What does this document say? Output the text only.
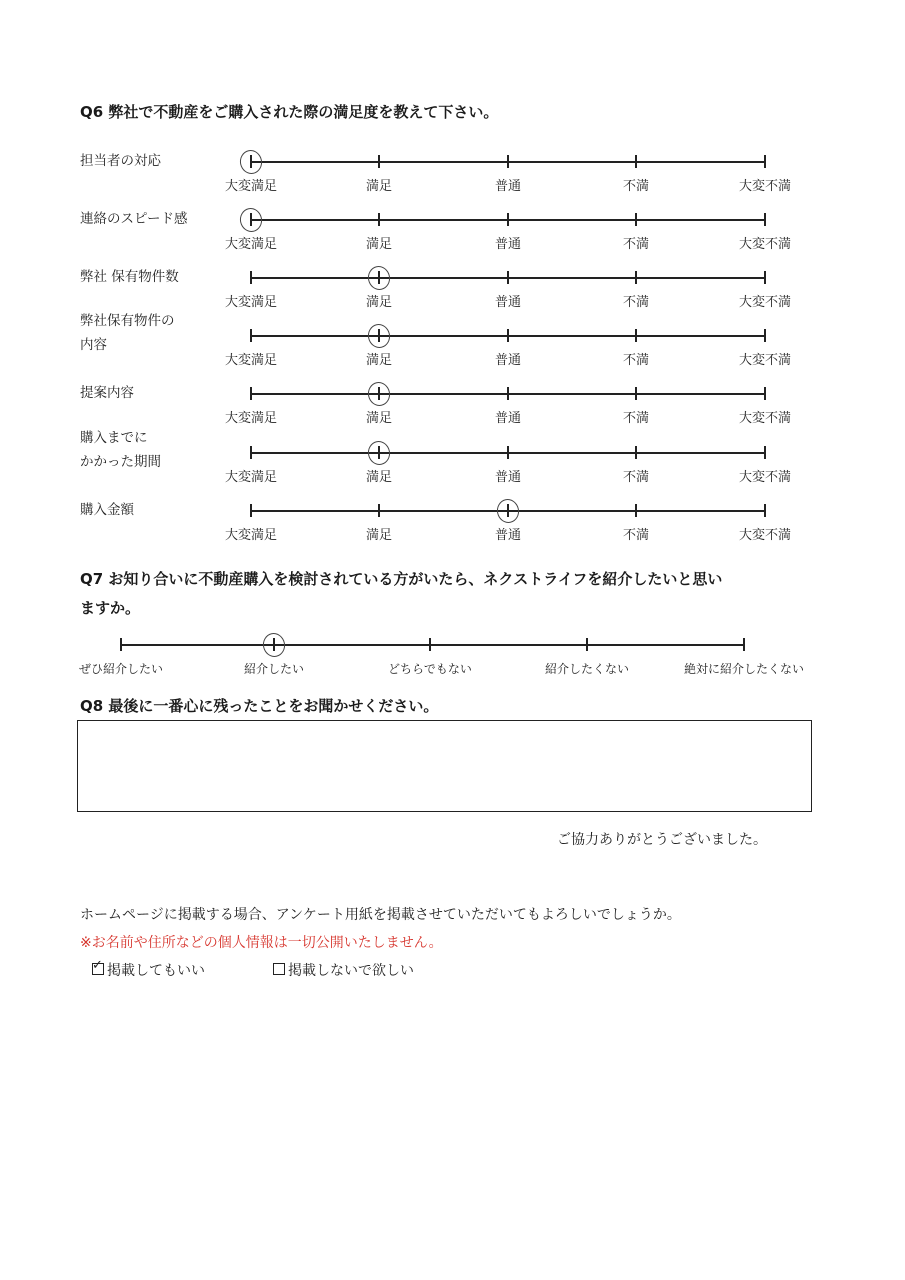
Q6 弊社で不動産をご購入された際の満足度を教えて下さい。
担当者の対応
大変満足	満足	普通	不満	大変不満
連絡のスピード感
大変満足	満足	普通	不満	大変不満
弊社 保有物件数
大変満足	満足	普通	不満	大変不満
弊社保有物件の
内容
大変満足	満足	普通	不満	大変不満
提案内容
大変満足	満足	普通	不満	大変不満
購入までに
かかった期間
大変満足	満足	普通	不満	大変不満
購入金額
大変満足	満足	普通	不満	大変不満
Q7 お知り合いに不動産購入を検討されている方がいたら、ネクストライフを紹介したいと思い
ますか。
ぜひ紹介したい	紹介したい	どちらでもない	紹介したくない	絶対に紹介したくない
Q8 最後に一番心に残ったことをお聞かせください。
ご協力ありがとうございました。
ホームページに掲載する場合、アンケート用紙を掲載させていただいてもよろしいでしょうか。
※お名前や住所などの個人情報は一切公開いたしません。
✓ 掲載してもいい	掲載しないで欲しい
